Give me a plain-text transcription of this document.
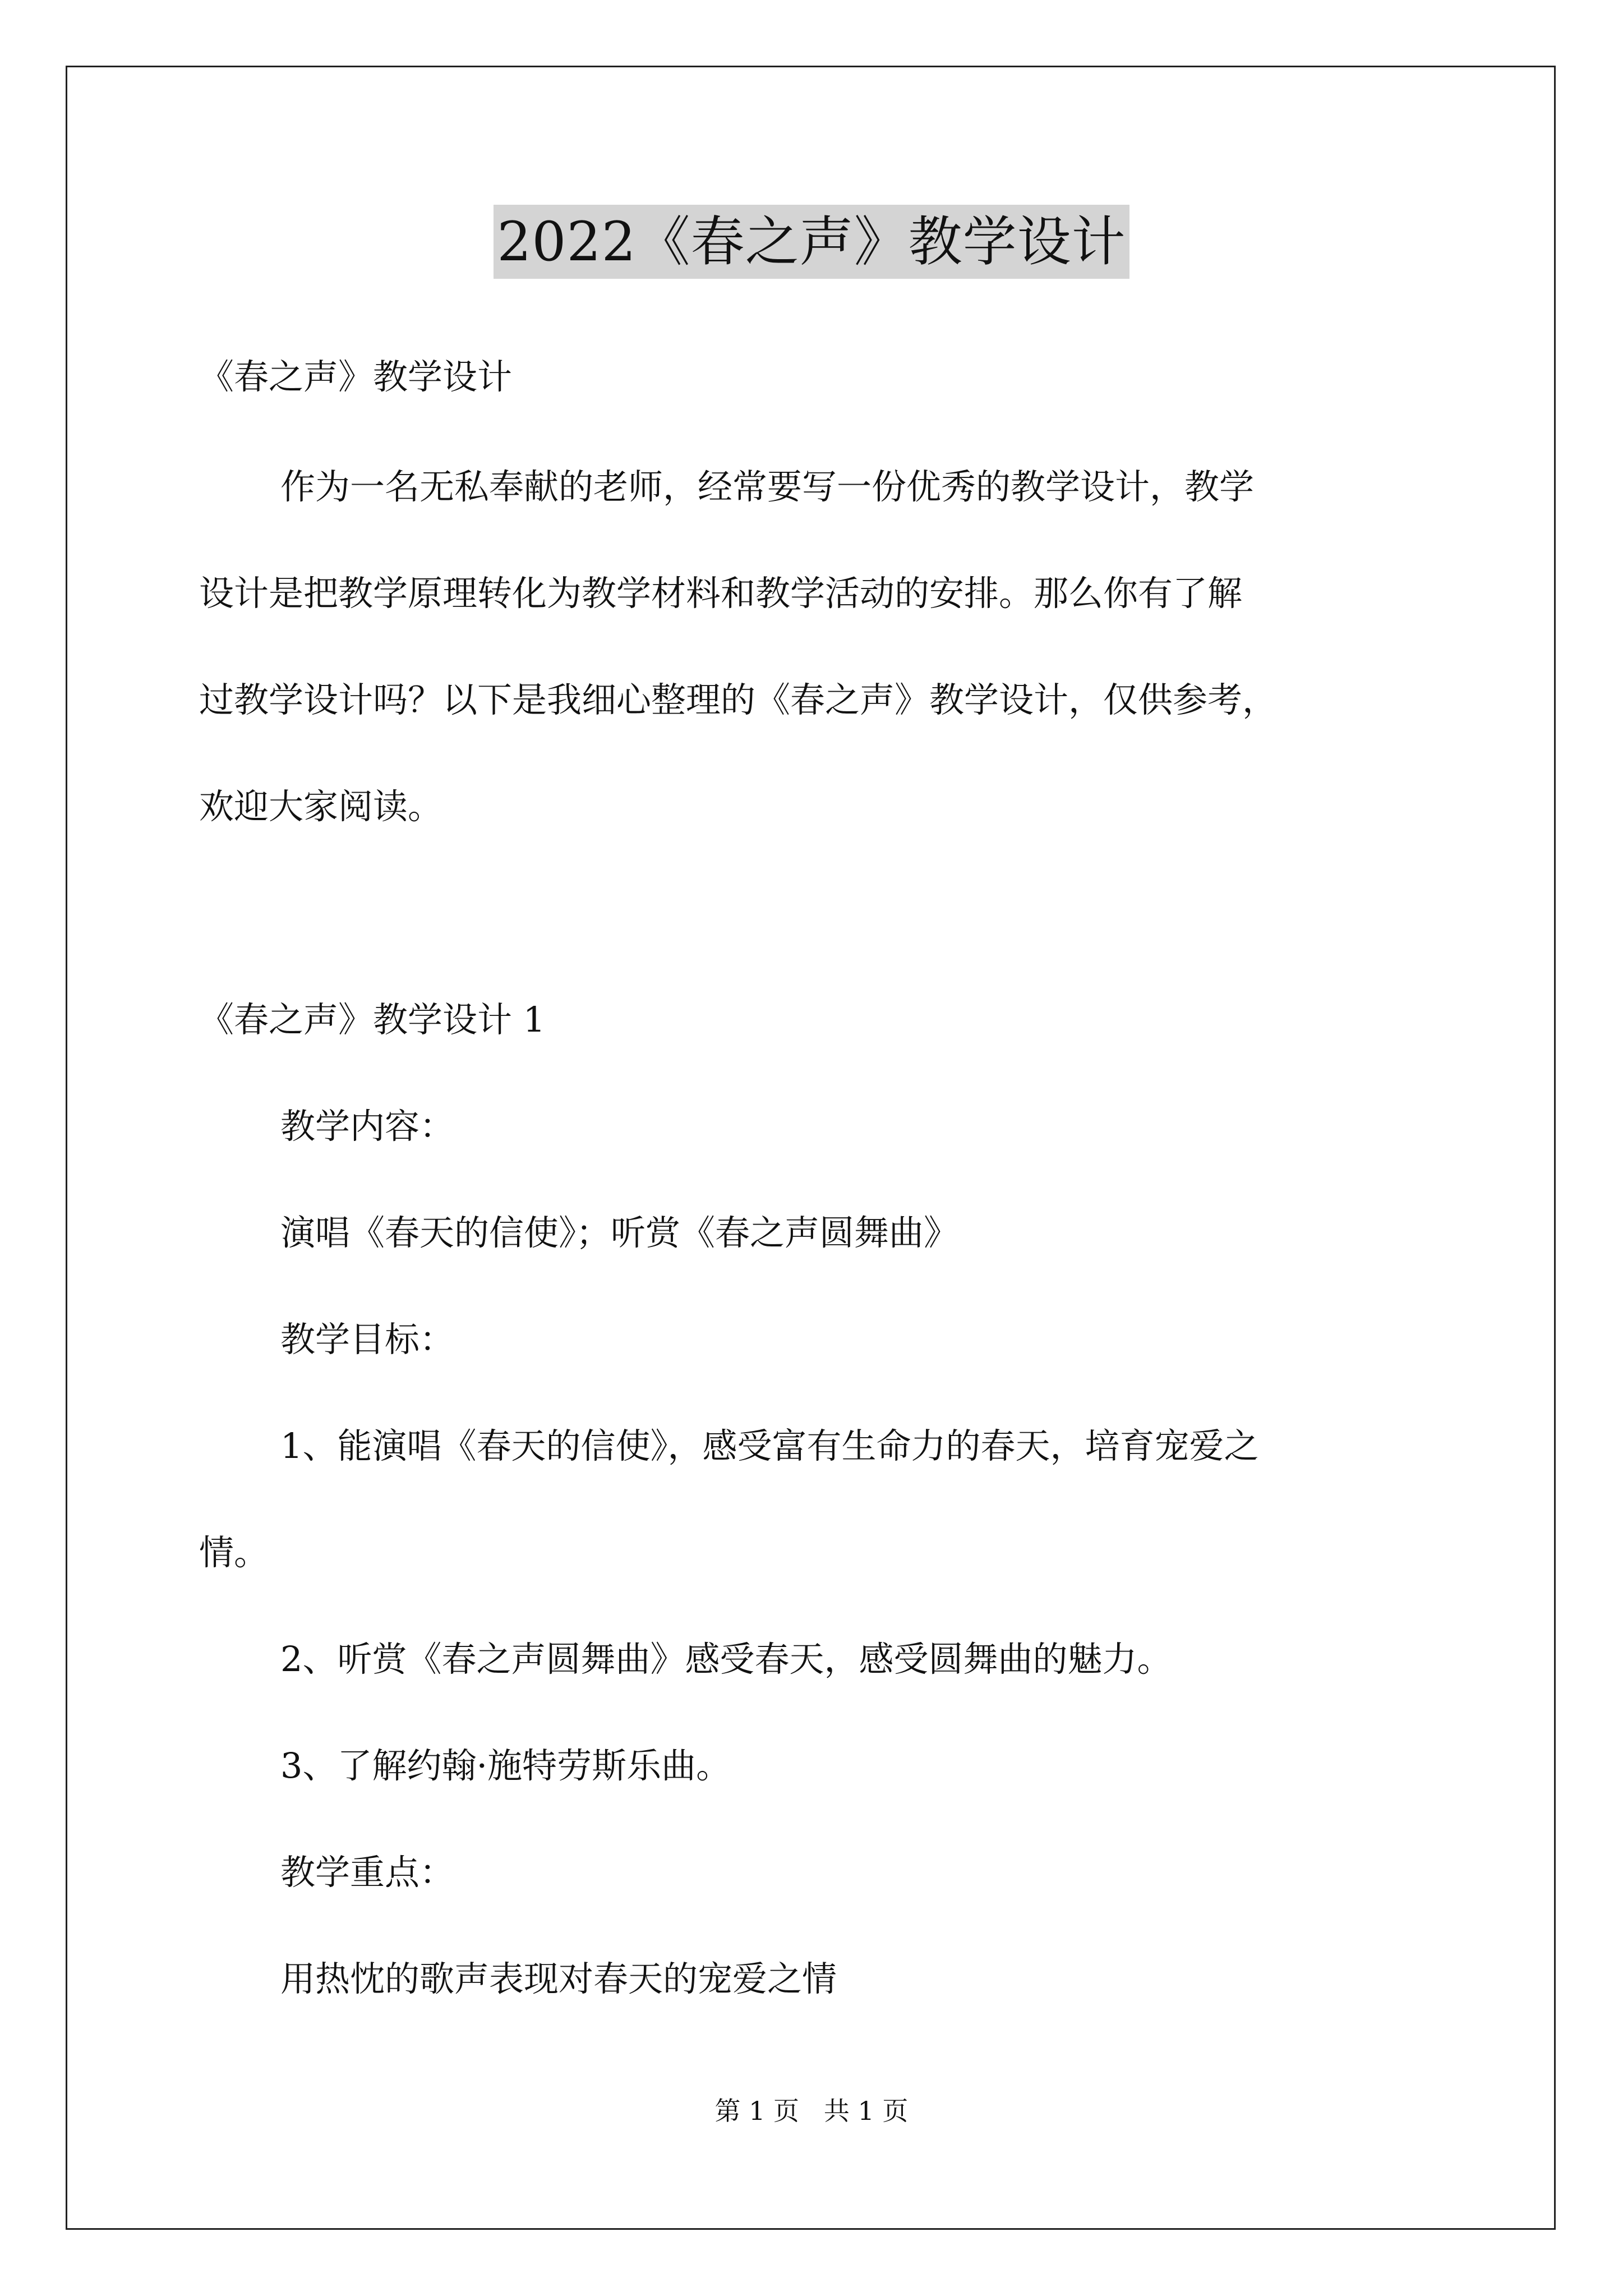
2022《春之声》教学设计
《春之声》教学设计
作为一名无私奉献的老师，经常要写一份优秀的教学设计，教学
设计是把教学原理转化为教学材料和教学活动的安排。那么你有了解
过教学设计吗？以下是我细心整理的《春之声》教学设计，仅供参考，
欢迎大家阅读。
《春之声》教学设计 1
教学内容：
演唱《春天的信使》；听赏《春之声圆舞曲》
教学目标：
1、能演唱《春天的信使》，感受富有生命力的春天，培育宠爱之
情。
2、听赏《春之声圆舞曲》感受春天，感受圆舞曲的魅力。
3、了解约翰·施特劳斯乐曲。
教学重点：
用热忱的歌声表现对春天的宠爱之情
第 1 页   共 1 页
